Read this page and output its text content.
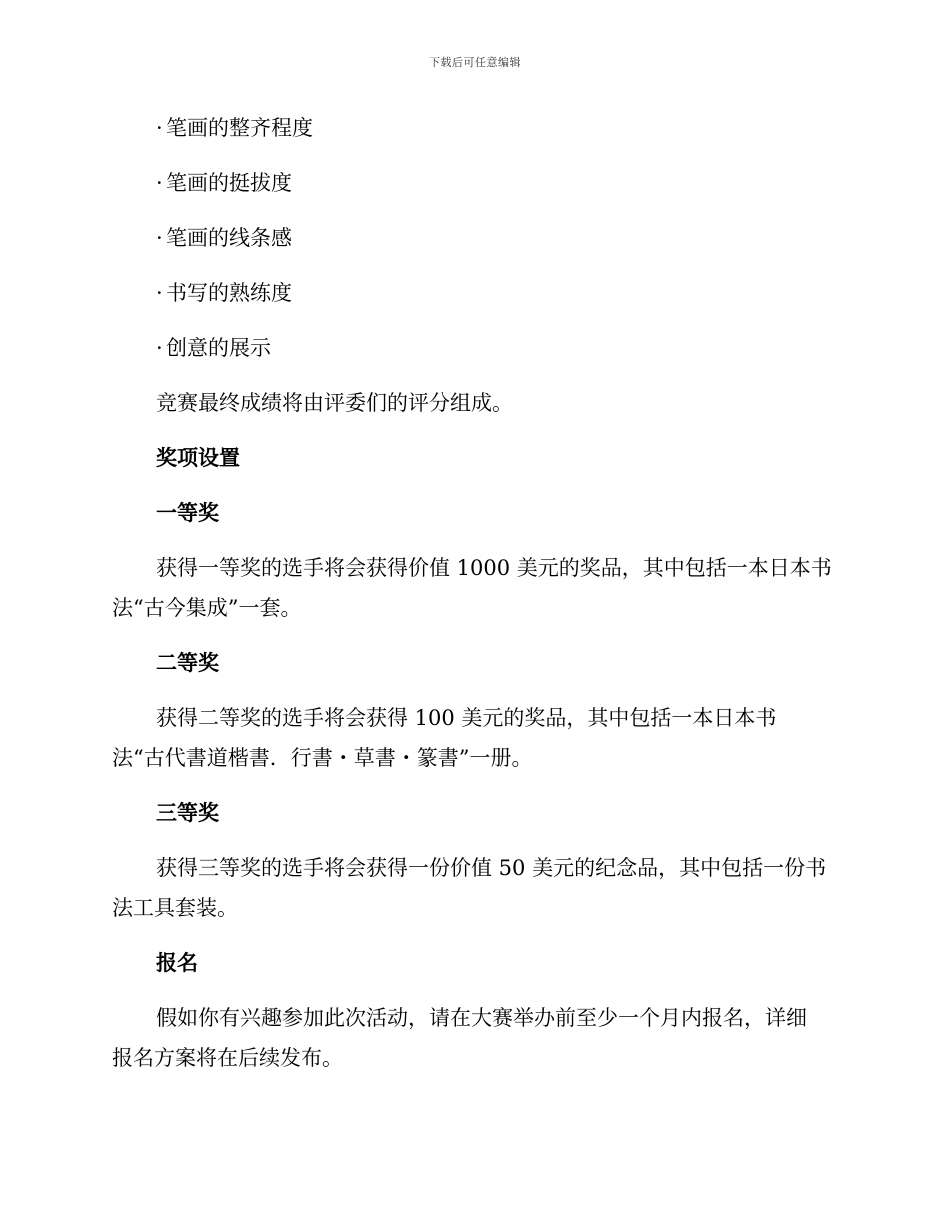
下载后可任意编辑
· 笔画的整齐程度
· 笔画的挺拔度
· 笔画的线条感
· 书写的熟练度
· 创意的展示
竞赛最终成绩将由评委们的评分组成。
奖项设置
一等奖
获得一等奖的选手将会获得价值 1000 美元的奖品，其中包括一本日本书
法“古今集成”一套。
二等奖
获得二等奖的选手将会获得 100 美元的奖品，其中包括一本日本书
法“古代書道楷書．行書・草書・篆書”一册。
三等奖
获得三等奖的选手将会获得一份价值 50 美元的纪念品，其中包括一份书
法工具套装。
报名
假如你有兴趣参加此次活动，请在大赛举办前至少一个月内报名，详细
报名方案将在后续发布。
